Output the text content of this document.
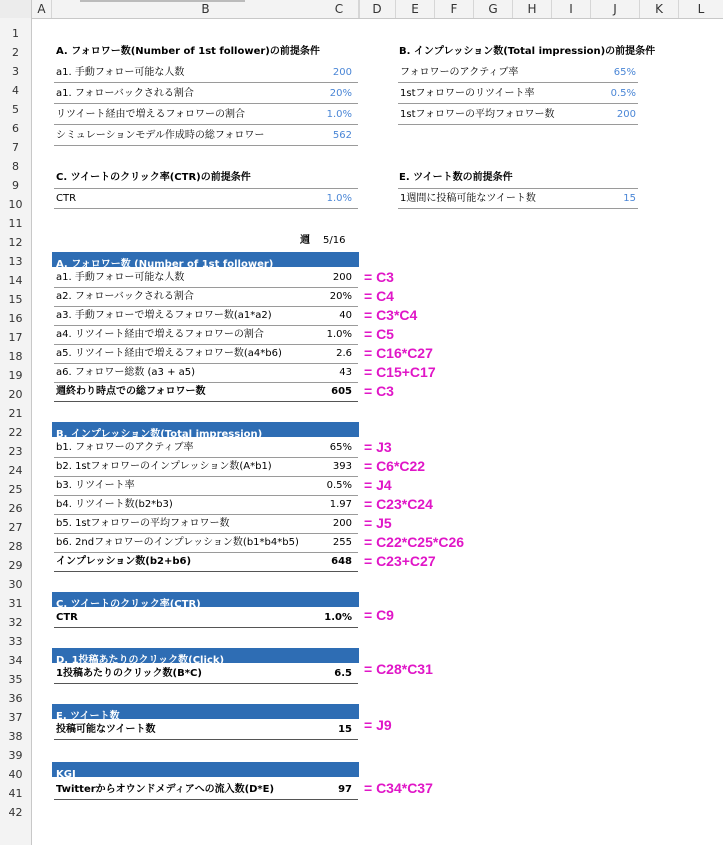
A	B	C	D	E	F	G	H	I	J	K	L
1
2
3
4
5
6
7
8
9
10
11
12
13
14
15
16
17
18
19
20
21
22
23
24
25
26
27
28
29
30
31
32
33
34
35
36
37
38
39
40
41
42
A. フォロワー数(Number of 1st follower)の前提条件
a1. 手動フォロー可能な人数	200
a1. フォローバックされる割合	20%
リツイート経由で増えるフォロワーの割合	1.0%
シミュレーションモデル作成時の総フォロワー	562
B. インプレッション数(Total impression)の前提条件
フォロワーのアクティブ率	65%
1stフォロワーのリツイート率	0.5%
1stフォロワーの平均フォロワー数	200
C. ツイートのクリック率(CTR)の前提条件
CTR	1.0%
E. ツイート数の前提条件
1週間に投稿可能なツイート数	15
週 5/16
A. フォロワー数 (Number of 1st follower)
a1. 手動フォロー可能な人数	200 = C3
a2. フォローバックされる割合	20% = C4
a3. 手動フォローで増えるフォロワー数(a1*a2)	40 = C3*C4
a4. リツイート経由で増えるフォロワーの割合	1.0% = C5
a5. リツイート経由で増えるフォロワー数(a4*b6)	2.6 = C16*C27
a6. フォロワー総数 (a3 + a5)	43 = C15+C17
週終わり時点での総フォロワー数	605 = C3
B. インプレッション数(Total impression)
b1. フォロワーのアクティブ率	65% = J3
b2. 1stフォロワーのインプレッション数(A*b1)	393 = C6*C22
b3. リツイート率	0.5% = J4
b4. リツイート数(b2*b3)	1.97 = C23*C24
b5. 1stフォロワーの平均フォロワー数	200 = J5
b6. 2ndフォロワーのインプレッション数(b1*b4*b5)	255 = C22*C25*C26
インプレッション数(b2+b6)	648 = C23+C27
C. ツイートのクリック率(CTR)
CTR	1.0% = C9
D. 1投稿あたりのクリック数(Click)
1投稿あたりのクリック数(B*C)	6.5 = C28*C31
E. ツイート数
投稿可能なツイート数	15 = J9
KGI
Twitterからオウンドメディアへの流入数(D*E)	97 = C34*C37
